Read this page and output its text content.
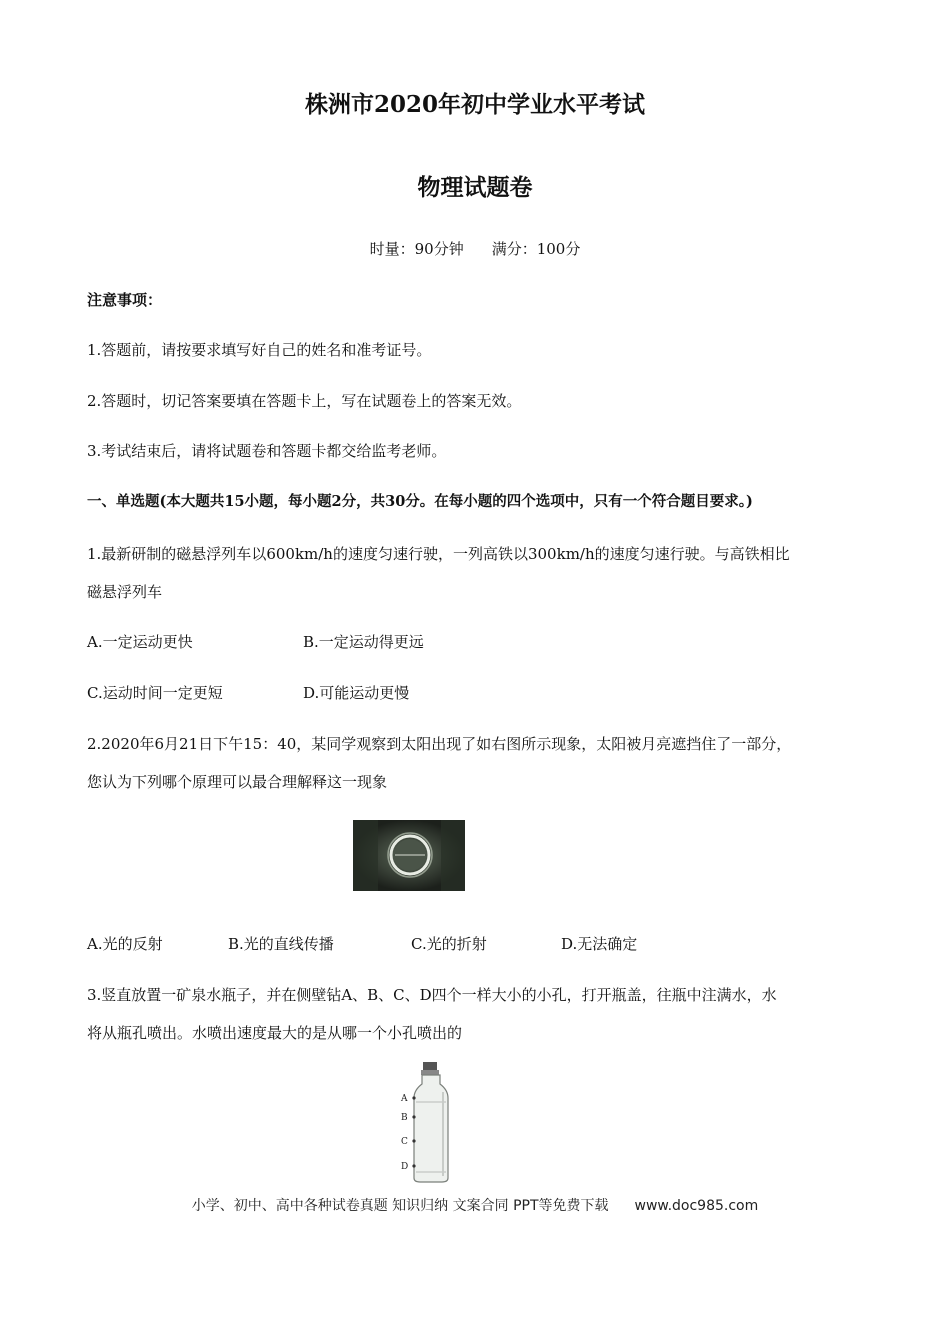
株洲市2020年初中学业水平考试
物理试题卷
时量：90分钟 满分：100分
注意事项：
1.答题前，请按要求填写好自己的姓名和准考证号。
2.答题时，切记答案要填在答题卡上，写在试题卷上的答案无效。
3.考试结束后，请将试题卷和答题卡都交给监考老师。
一、单选题(本大题共15小题，每小题2分，共30分。在每小题的四个选项中，只有一个符合题目要求。)
1.最新研制的磁悬浮列车以600km/h的速度匀速行驶，一列高铁以300km/h的速度匀速行驶。与高铁相比
磁悬浮列车
A.一定运动更快	B.一定运动得更远
C.运动时间一定更短	D.可能运动更慢
2.2020年6月21日下午15：40，某同学观察到太阳出现了如右图所示现象，太阳被月亮遮挡住了一部分，
您认为下列哪个原理可以最合理解释这一现象
A.光的反射	B.光的直线传播	C.光的折射	D.无法确定
3.竖直放置一矿泉水瓶子，并在侧壁钻A、B、C、D四个一样大小的小孔，打开瓶盖，往瓶中注满水，水
将从瓶孔喷出。水喷出速度最大的是从哪一个小孔喷出的
A
B
C
D
小学、初中、高中各种试卷真题 知识归纳 文案合同 PPT等免费下载 www.doc985.com
